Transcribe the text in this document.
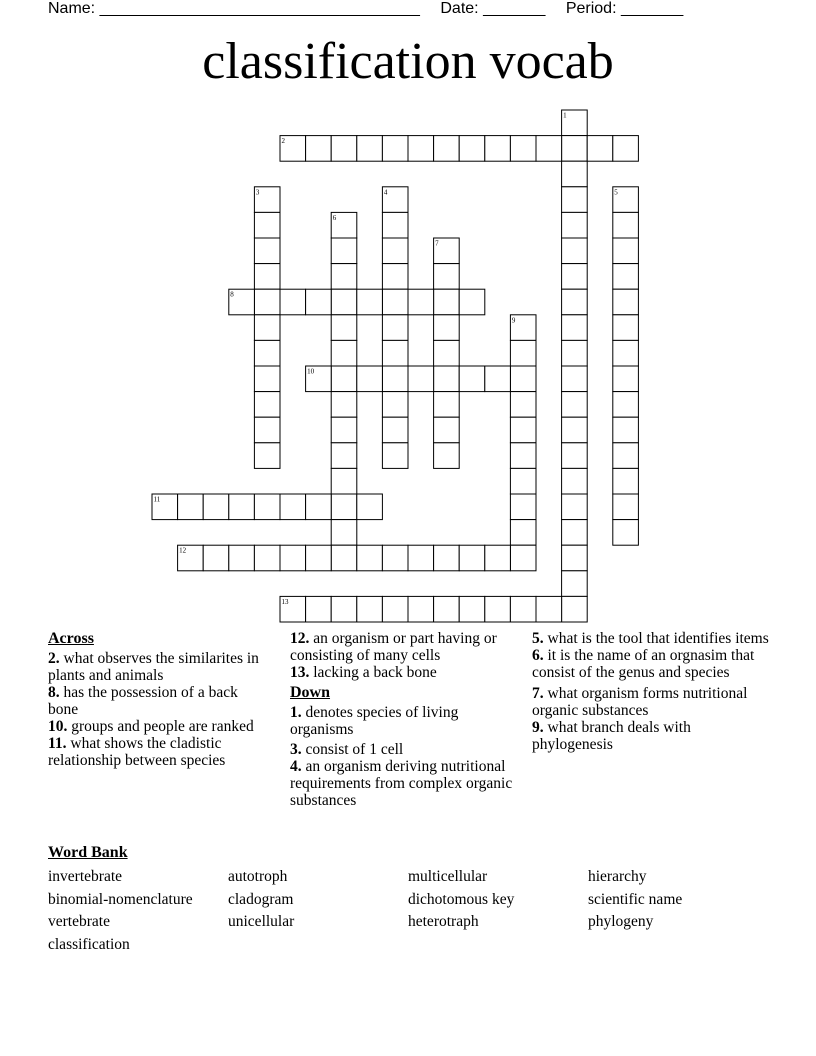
Name: ____________________________________ Date: _______ Period: _______
classification vocab
1
2
3	4	5
6
7
8
9
10
11
12
13
Across
2. what observes the similarites in plants and animals
8. has the possession of a back bone
10. groups and people are ranked
11. what shows the cladistic relationship between species
12. an organism or part having or consisting of many cells
13. lacking a back bone
Down
1. denotes species of living organisms
3. consist of 1 cell
4. an organism deriving nutritional requirements from complex organic substances
5. what is the tool that identifies items
6. it is the name of an orgnasim that consist of the genus and species
7. what organism forms nutritional organic substances
9. what branch deals with phylogenesis
Word Bank
invertebrate
binomial-nomenclature
vertebrate
classification
autotroph
cladogram
unicellular
multicellular
dichotomous key
heterotraph
hierarchy
scientific name
phylogeny
